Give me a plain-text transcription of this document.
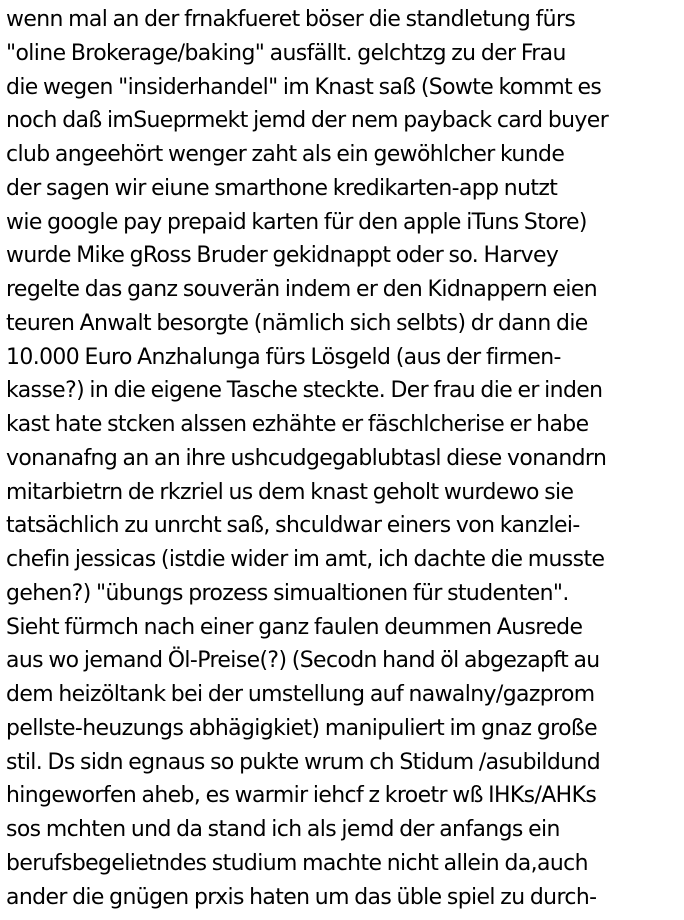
wenn mal an der frnakfueret böser die standletung fürs
"oline Brokerage/baking" ausfällt. gelchtzg zu der Frau
die wegen "insiderhandel" im Knast saß (Sowte kommt es
noch daß imSueprmekt jemd der nem payback card buyer
club angeehört wenger zaht als ein gewöhlcher kunde
der sagen wir eiune smarthone kredikarten-app nutzt
wie google pay prepaid karten für den apple iTuns Store)
wurde Mike gRoss Bruder gekidnappt oder so. Harvey
regelte das ganz souverän indem er den Kidnappern eien
teuren Anwalt besorgte (nämlich sich selbts) dr dann die
10.000 Euro Anzhalunga fürs Lösgeld (aus der firmen-
kasse?) in die eigene Tasche steckte. Der frau die er inden
kast hate stcken alssen ezhähte er fäschlcherise er habe
vonanafng an an ihre ushcudgegablubtasl diese vonandrn
mitarbietrn de rkzriel us dem knast geholt wurdewo sie
tatsächlich zu unrcht saß, shculdwar einers von kanzlei-
chefin jessicas (istdie wider im amt, ich dachte die musste
gehen?) "übungs prozess simualtionen für studenten".
Sieht fürmch nach einer ganz faulen deummen Ausrede
aus wo jemand Öl-Preise(?) (Secodn hand öl abgezapft au
dem heizöltank bei der umstellung auf nawalny/gazprom
pellste-heuzungs abhägigkiet) manipuliert im gnaz große
stil. Ds sidn egnaus so pukte wrum ch Stidum /asubildund
hingeworfen aheb, es warmir iehcf z kroetr wß IHKs/AHKs
sos mchten und da stand ich als jemd der anfangs ein
berufsbegelietndes studium machte nicht allein da,auch
ander die gnügen prxis haten um das üble spiel zu durch-
